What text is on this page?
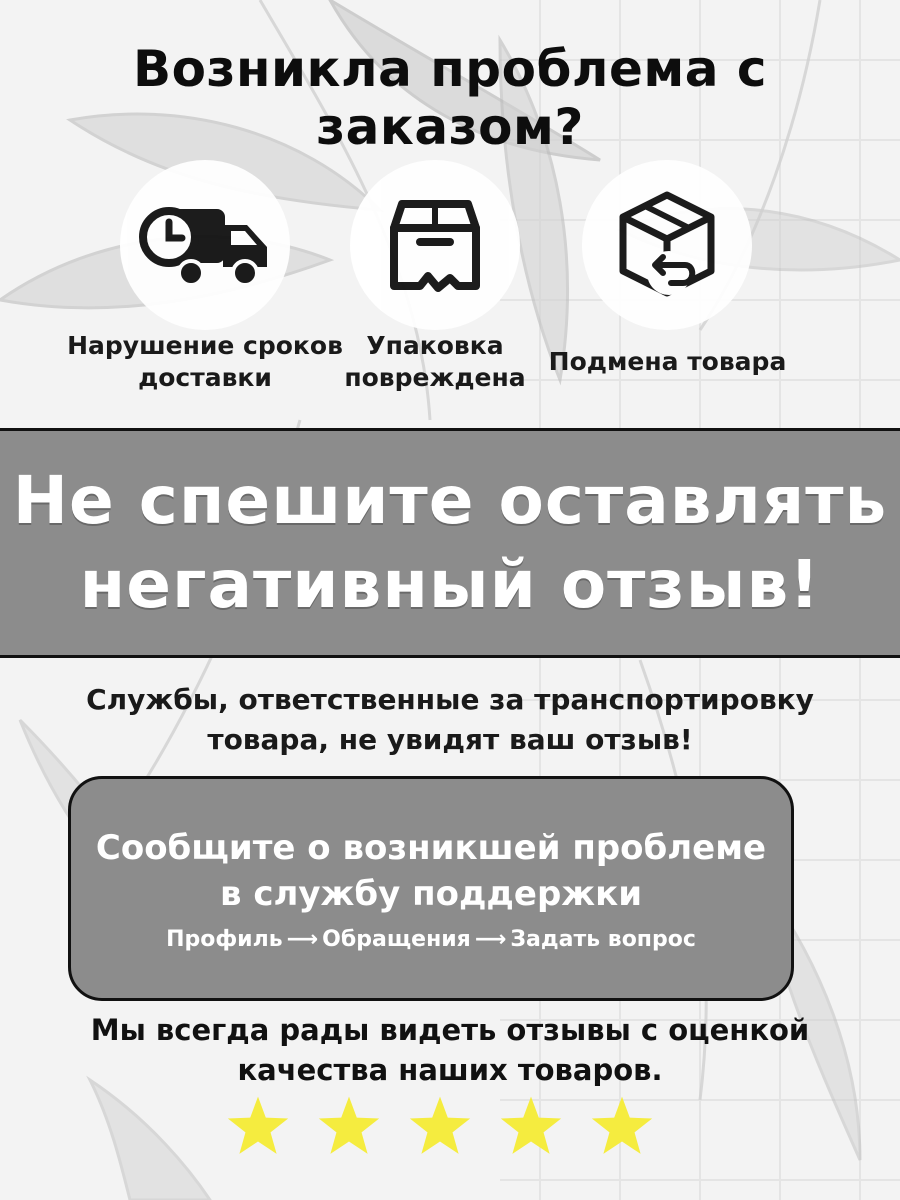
Возникла проблема с заказом?
Нарушение сроков
доставки
Упаковка
повреждена
Подмена товара
Не спешите оставлять
негативный отзыв!
Службы, ответственные за транспортировку
товара, не увидят ваш отзыв!
Сообщите о возникшей проблеме
в службу поддержки
Профиль ⟶ Обращения ⟶ Задать вопрос
Мы всегда рады видеть отзывы с оценкой
качества наших товаров.
